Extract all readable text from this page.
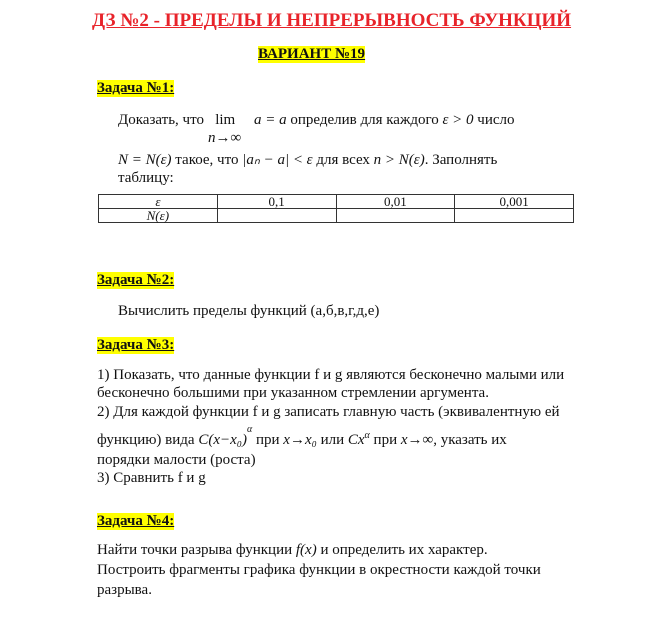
ДЗ №2 - ПРЕДЕЛЫ И НЕПРЕРЫВНОСТЬ ФУНКЦИЙ
ВАРИАНТ №19
Задача №1:
Доказать, что lim a = a определив для каждого ε > 0 число
n→∞
N = N(ε) такое, что |aₙ − a| < ε для всех n > N(ε). Заполнять
таблицу:
ε	0,1	0,01	0,001
N(ε)			
Задача №2:
Вычислить пределы функций (а,б,в,г,д,е)
Задача №3:
1) Показать, что данные функции f и g являются бесконечно малыми или
бесконечно большими при указанном стремлении аргумента.
2) Для каждой функции f и g записать главную часть (эквивалентную ей
функцию) вида $C(x-x_0)^\alpha$ при x→x₀ или $Cx^\alpha$ при x→∞, указать их
порядки малости (роста)
3) Сравнить f и g
Задача №4:
Найти точки разрыва функции f(x) и определить их характер.
Построить фрагменты графика функции в окрестности каждой точки
разрыва.
